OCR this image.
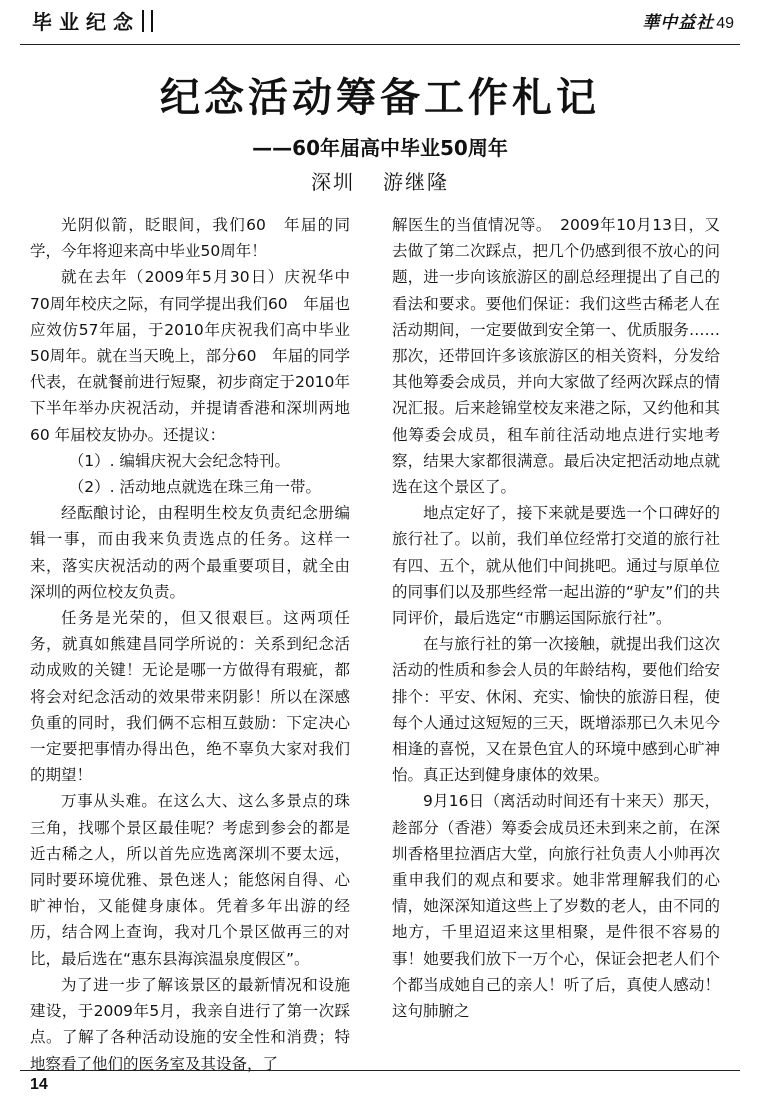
毕业纪念	華中益社 49
纪念活动筹备工作札记
——60年届高中毕业50周年
深圳 游继隆

光阴似箭，眨眼间，我们60　年届的同学，今年将迎来高中毕业50周年！

就在去年（2009年5月30日）庆祝华中70周年校庆之际，有同学提出我们60　年届也应效仿57年届，于2010年庆祝我们高中毕业50周年。就在当天晚上，部分60　年届的同学代表，在就餐前进行短聚，初步商定于2010年下半年举办庆祝活动，并提请香港和深圳两地60 年届校友协办。还提议：

（1）. 编辑庆祝大会纪念特刊。

（2）. 活动地点就选在珠三角一带。

经酝酿讨论，由程明生校友负责纪念册编辑一事，而由我来负责选点的任务。这样一来，落实庆祝活动的两个最重要项目，就全由深圳的两位校友负责。

任务是光荣的，但又很艰巨。这两项任务，就真如熊建昌同学所说的：关系到纪念活动成败的关键！无论是哪一方做得有瑕疵，都将会对纪念活动的效果带来阴影！所以在深感负重的同时，我们俩不忘相互鼓励：下定决心一定要把事情办得出色，绝不辜负大家对我们的期望！

万事从头难。在这么大、这么多景点的珠三角，找哪个景区最佳呢？考虑到参会的都是近古稀之人，所以首先应选离深圳不要太远，同时要环境优雅、景色迷人；能悠闲自得、心旷神怡，又能健身康体。凭着多年出游的经历，结合网上查询，我对几个景区做再三的对比，最后选在“惠东县海滨温泉度假区”。

为了进一步了解该景区的最新情况和设施建设，于2009年5月，我亲自进行了第一次踩点。了解了各种活动设施的安全性和消费；特地察看了他们的医务室及其设备，了

解医生的当值情况等。　2009年10月13日，又去做了第二次踩点，把几个仍感到很不放心的问题，进一步向该旅游区的副总经理提出了自己的看法和要求。要他们保证：我们这些古稀老人在活动期间，一定要做到安全第一、优质服务……那次，还带回许多该旅游区的相关资料，分发给其他筹委会成员，并向大家做了经两次踩点的情况汇报。后来趁锦堂校友来港之际，又约他和其他筹委会成员，租车前往活动地点进行实地考察，结果大家都很满意。最后决定把活动地点就选在这个景区了。

地点定好了，接下来就是要选一个口碑好的旅行社了。以前，我们单位经常打交道的旅行社有四、五个，就从他们中间挑吧。通过与原单位的同事们以及那些经常一起出游的“驴友”们的共同评价，最后选定“市鹏运国际旅行社”。

在与旅行社的第一次接触，就提出我们这次活动的性质和参会人员的年龄结构，要他们给安排个：平安、休闲、充实、愉快的旅游日程，使每个人通过这短短的三天，既增添那已久未见今相逢的喜悦，又在景色宜人的环境中感到心旷神怡。真正达到健身康体的效果。

9月16日（离活动时间还有十来天）那天，趁部分（香港）筹委会成员还未到来之前，在深圳香格里拉酒店大堂，向旅行社负责人小帅再次重申我们的观点和要求。她非常理解我们的心情，她深深知道这些上了岁数的老人，由不同的地方，千里迢迢来这里相聚，是件很不容易的事！她要我们放下一万个心，保证会把老人们个个都当成她自己的亲人！听了后，真使人感动！这句肺腑之

14
